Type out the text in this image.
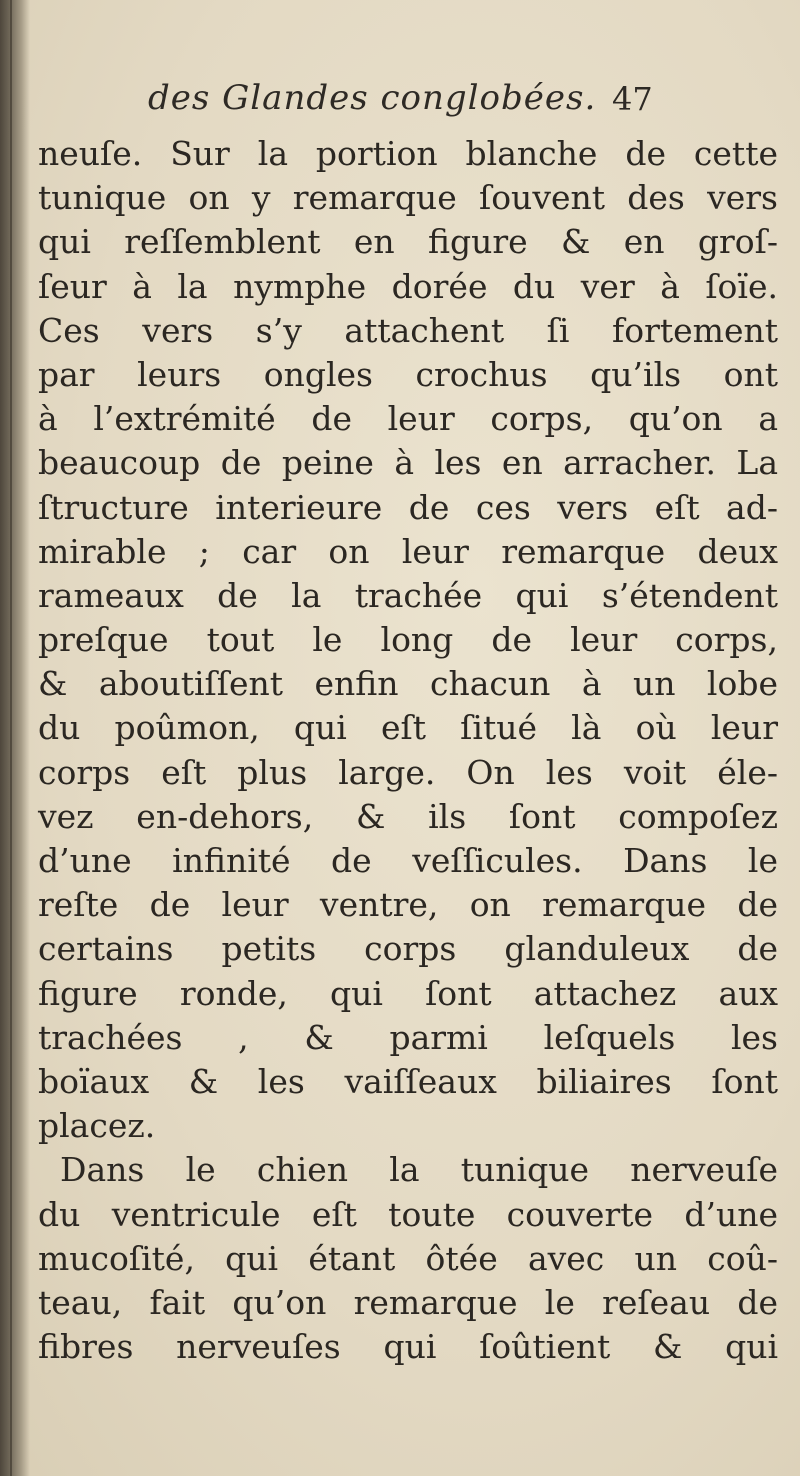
des Glandes conglobées. 47
neuſe. Sur la portion blanche de cette
tunique on y remarque ſouvent des vers
qui reſſemblent en figure & en groſ-
ſeur à la nymphe dorée du ver à ſoïe.
Ces vers s’y attachent ſi fortement
par leurs ongles crochus qu’ils ont
à l’extrémité de leur corps, qu’on a
beaucoup de peine à les en arracher. La
ſtructure interieure de ces vers eſt ad-
mirable ; car on leur remarque deux
rameaux de la trachée qui s’étendent
preſque tout le long de leur corps,
& aboutiſſent enfin chacun à un lobe
du poûmon, qui eſt ſitué là où leur
corps eſt plus large. On les voit éle-
vez en-dehors, & ils ſont compoſez
d’une infinité de veſſicules. Dans le
reſte de leur ventre, on remarque de
certains petits corps glanduleux de
figure ronde, qui ſont attachez aux
trachées , & parmi leſquels les
boïaux & les vaiſſeaux biliaires ſont
placez.
Dans le chien la tunique nerveuſe
du ventricule eſt toute couverte d’une
mucoſité, qui étant ôtée avec un coû-
teau, fait qu’on remarque le reſeau de
fibres nerveuſes qui ſoûtient & qui
